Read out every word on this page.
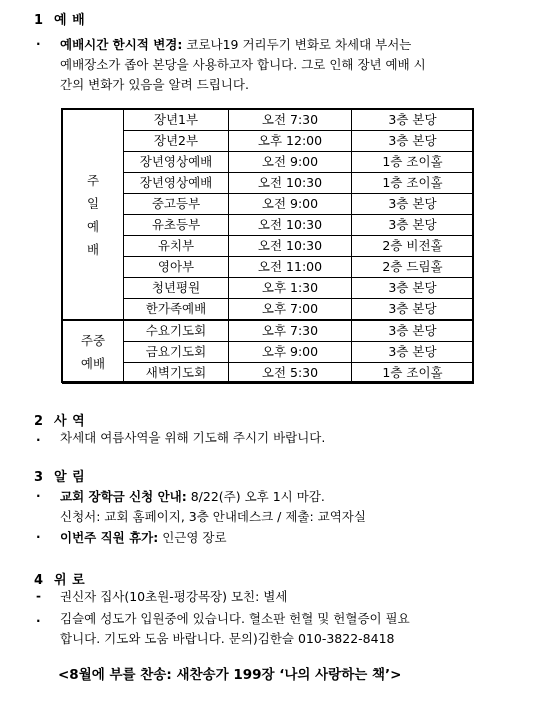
1 예 배
· 예배시간 한시적 변경: 코로나19 거리두기 변화로 차세대 부서는
예배장소가 좁아 본당을 사용하고자 합니다. 그로 인해 장년 예배 시
간의 변화가 있음을 알려 드립니다.
주
일
예
배	장년1부	오전 7:30	3층 본당
	장년2부	오후 12:00	3층 본당
	장년영상예배	오전 9:00	1층 조이홀
	장년영상예배	오전 10:30	1층 조이홀
	중고등부	오전 9:00	3층 본당
	유초등부	오전 10:30	3층 본당
	유치부	오전 10:30	2층 비전홀
	영아부	오전 11:00	2층 드림홀
	청년평원	오후 1:30	3층 본당
	한가족예배	오후 7:00	3층 본당

주중
예배	수요기도회	오후 7:30	3층 본당
	금요기도회	오후 9:00	3층 본당
	새벽기도회	오전 5:30	1층 조이홀
2 사 역
. 차세대 여름사역을 위해 기도해 주시기 바랍니다.
3 알 림
· 교회 장학금 신청 안내: 8/22(주) 오후 1시 마감.
신청서: 교회 홈페이지, 3층 안내데스크 / 제출: 교역자실
· 이번주 직원 휴가: 인근영 장로
4 위 로
- 권신자 집사(10초원-평강목장) 모친: 별세
. 김슬예 성도가 입원중에 있습니다. 혈소판 헌혈 및 헌혈증이 필요
합니다. 기도와 도움 바랍니다. 문의)김한슬 010-3822-8418
<8월에 부를 찬송: 새찬송가 199장 ‘나의 사랑하는 책’>
